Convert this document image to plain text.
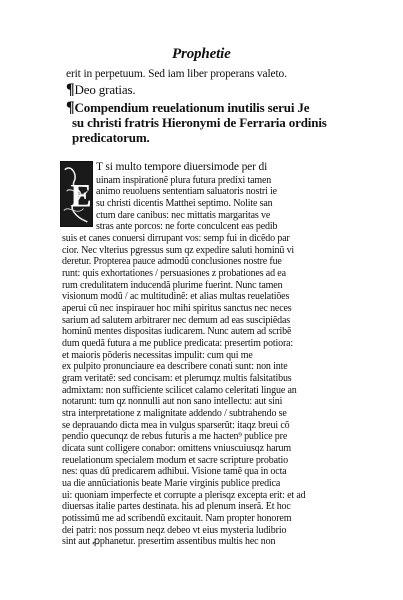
Prophetie
erit in perpetuum. Sed iam liber properans valeto.
¶Deo gratias.
¶Compendium reuelationum inutilis serui Je
su christi fratris Hieronymi de Ferraria ordinis
predicatorum.
E
T si multo tempore diuersimode per di
uinam inspirationẽ plura futura predixi tamen
animo reuoluens sententiam saluatoris nostri ie
su christi dicentis Matthei septimo. Nolite san
ctum dare canibus: nec mittatis margaritas ve
stras ante porcos: ne forte conculcent eas pedib
suis et canes conuersi dirrupant vos: semp fui in dicẽdo par
cior. Nec vlterius pgressus sum qz expedire saluti hominũ vi
deretur. Propterea pauce admodũ conclusiones nostre fue
runt: quis exhortationes / persuasiones z probationes ad ea
rum credulitatem inducendã plurime fuerint. Nunc tamen
visionum modũ / ac multitudinẽ: et alias multas reuelatiões
aperui cũ nec inspirauer hoc mihi spiritus sanctus nec neces
sarium ad salutem arbitrarer nec demum ad eas suscipiẽdas
hominũ mentes dispositas iudicarem. Nunc autem ad scribẽ
dum quedã futura a me publice predicata: presertim potiora:
et maioris põderis necessitas impulit: cum qui me
ex pulpito pronunciaure ea describere conati sunt: non inte
gram veritatẽ: sed concisam: et plerumqz multis falsitatibus
admixtam: non sufficiente scilicet calamo celeritati lingue an
notarunt: tum qz nonnulli aut non sano intellectu: aut sini
stra interpretatione z malignitate addendo / subtrahendo se
se deprauando dicta mea in vulgus sparserũt: itaqz breui cõ
pendio quecunqz de rebus futuris a me hacten⁹ publice pre
dicata sunt colligere conabor: omittens vniuscuiusqz harum
reuelationum specialem modum et sacre scripture probatio
nes: quas dũ predicarem adhibui. Visione tamẽ qua in octa
ua die annũciationis beate Marie virginis publice predica
ui: quoniam imperfecte et corrupte a plerisqz excepta erit: et ad
diuersas italie partes destinata. his ad plenum inserã. Et hoc
potissimũ me ad scribendũ excitauit. Nam propter honorem
dei patri: nos possum neqz debeo vt eius mysteria ludibrio
sint aut ꝓphanetur. presertim assentibus multis hec non
